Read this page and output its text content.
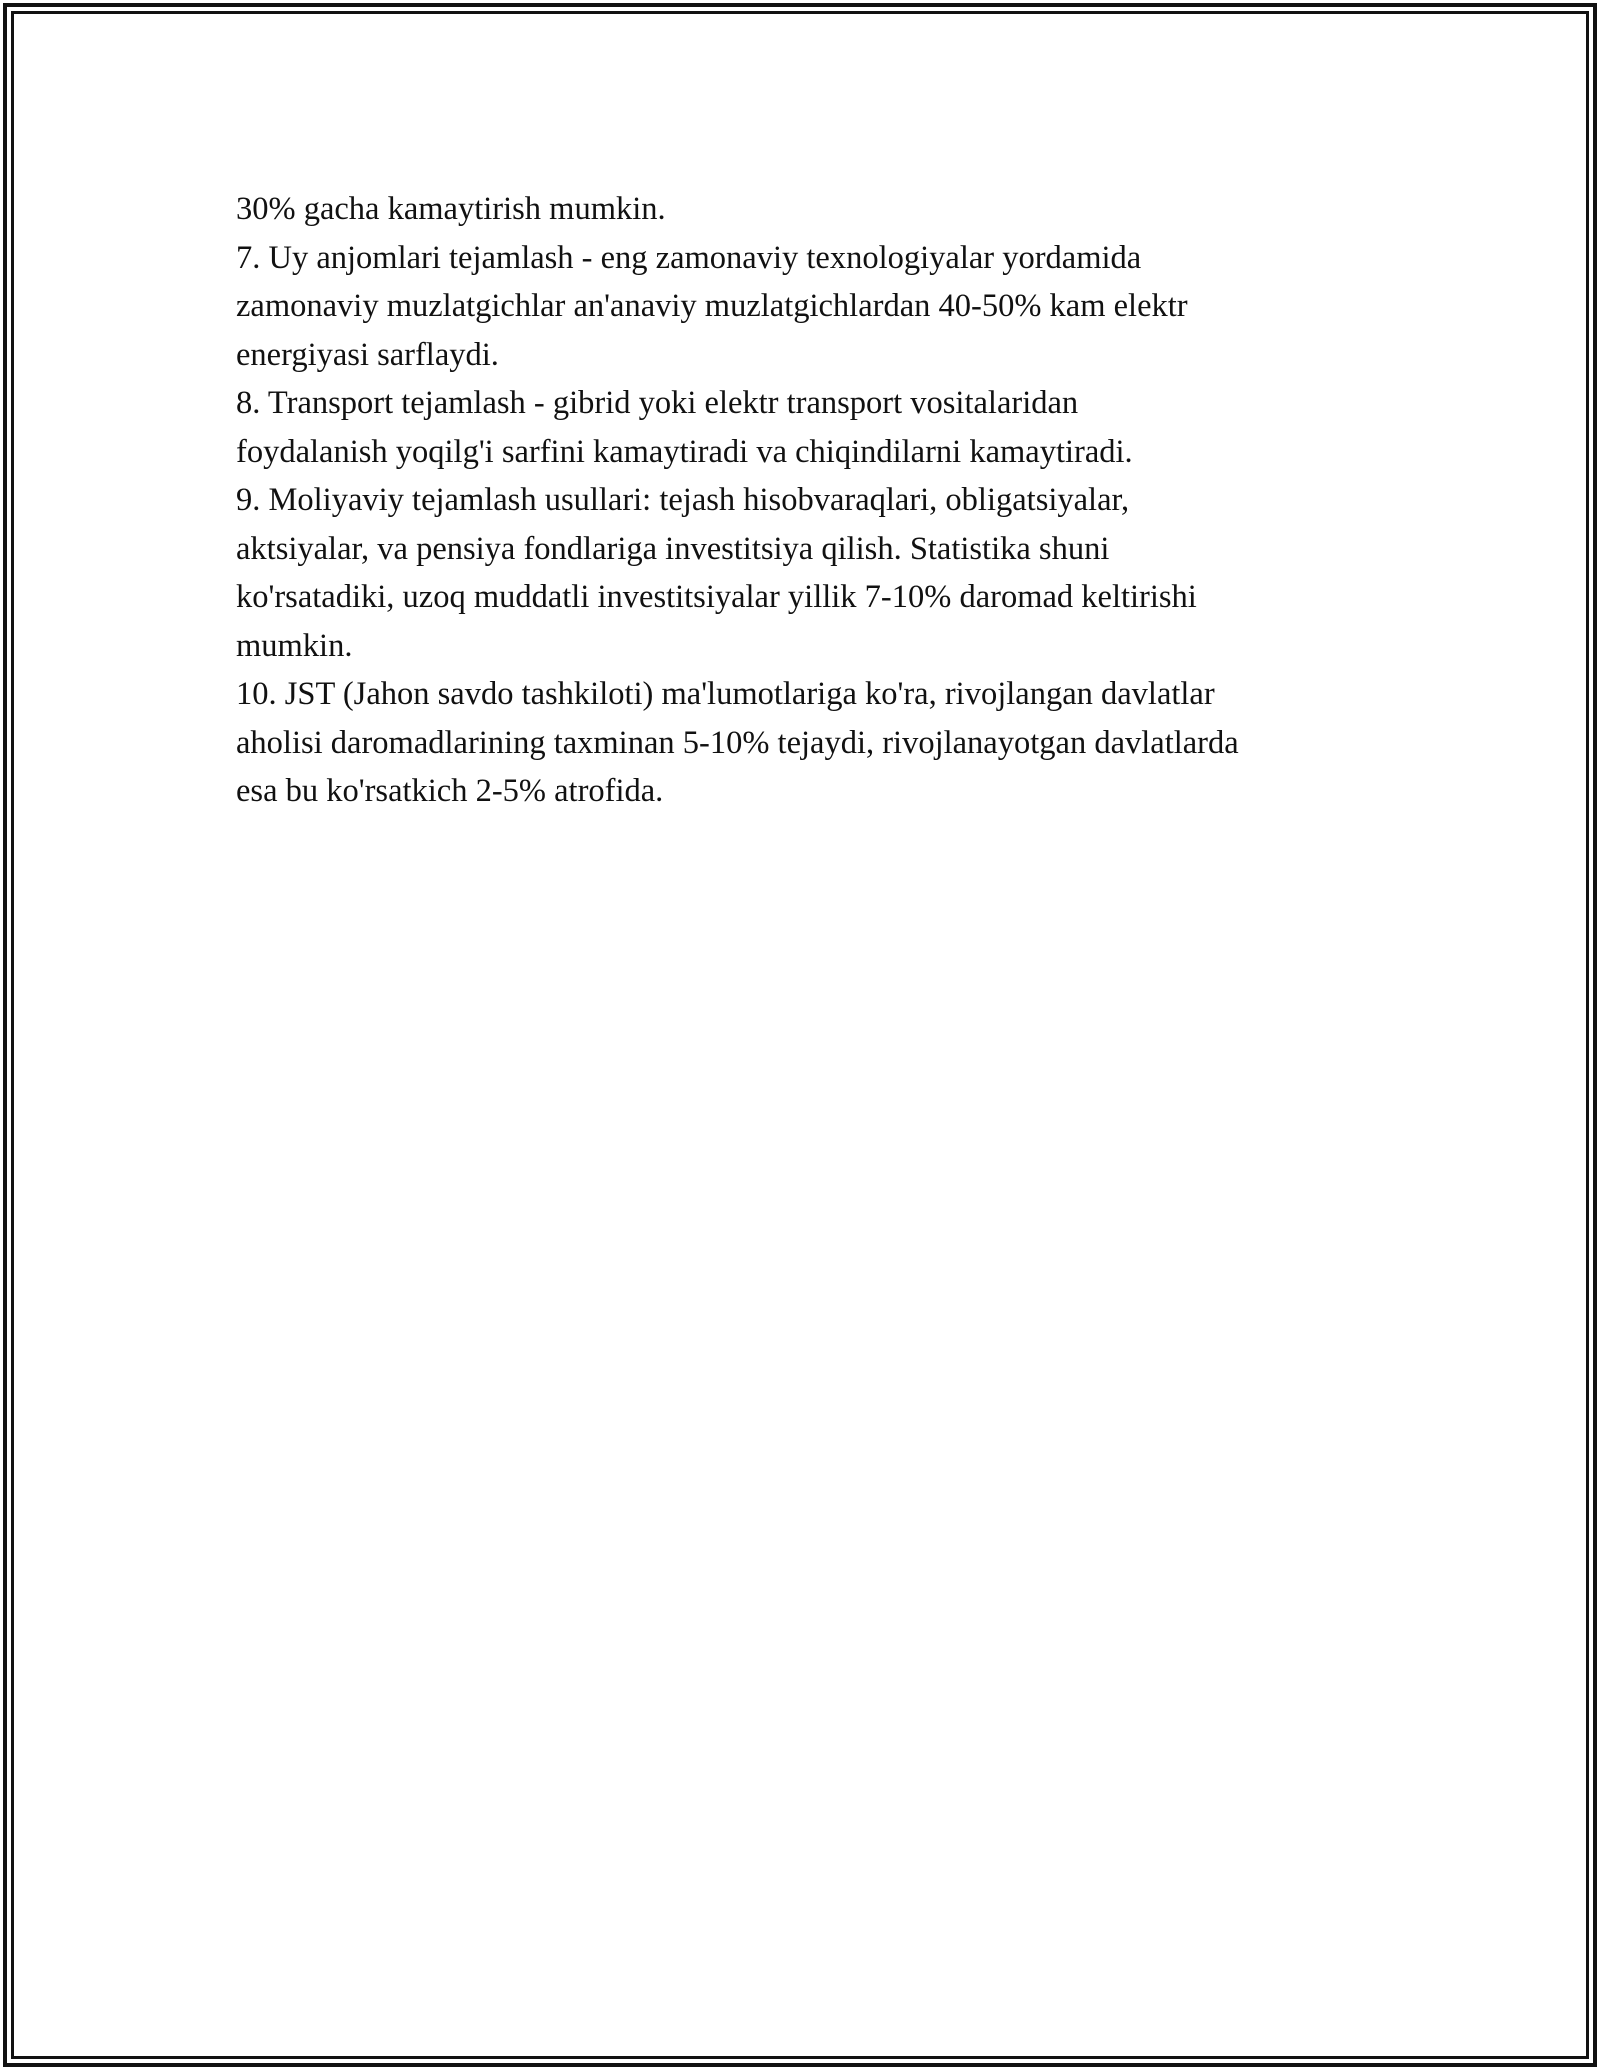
30% gacha kamaytirish mumkin.
7. Uy anjomlari tejamlash - eng zamonaviy texnologiyalar yordamida
zamonaviy muzlatgichlar an'anaviy muzlatgichlardan 40-50% kam elektr
energiyasi sarflaydi.
8. Transport tejamlash - gibrid yoki elektr transport vositalaridan
foydalanish yoqilg'i sarfini kamaytiradi va chiqindilarni kamaytiradi.
9. Moliyaviy tejamlash usullari: tejash hisobvaraqlari, obligatsiyalar,
aktsiyalar, va pensiya fondlariga investitsiya qilish. Statistika shuni
ko'rsatadiki, uzoq muddatli investitsiyalar yillik 7-10% daromad keltirishi
mumkin.
10. JST (Jahon savdo tashkiloti) ma'lumotlariga ko'ra, rivojlangan davlatlar
aholisi daromadlarining taxminan 5-10% tejaydi, rivojlanayotgan davlatlarda
esa bu ko'rsatkich 2-5% atrofida.
